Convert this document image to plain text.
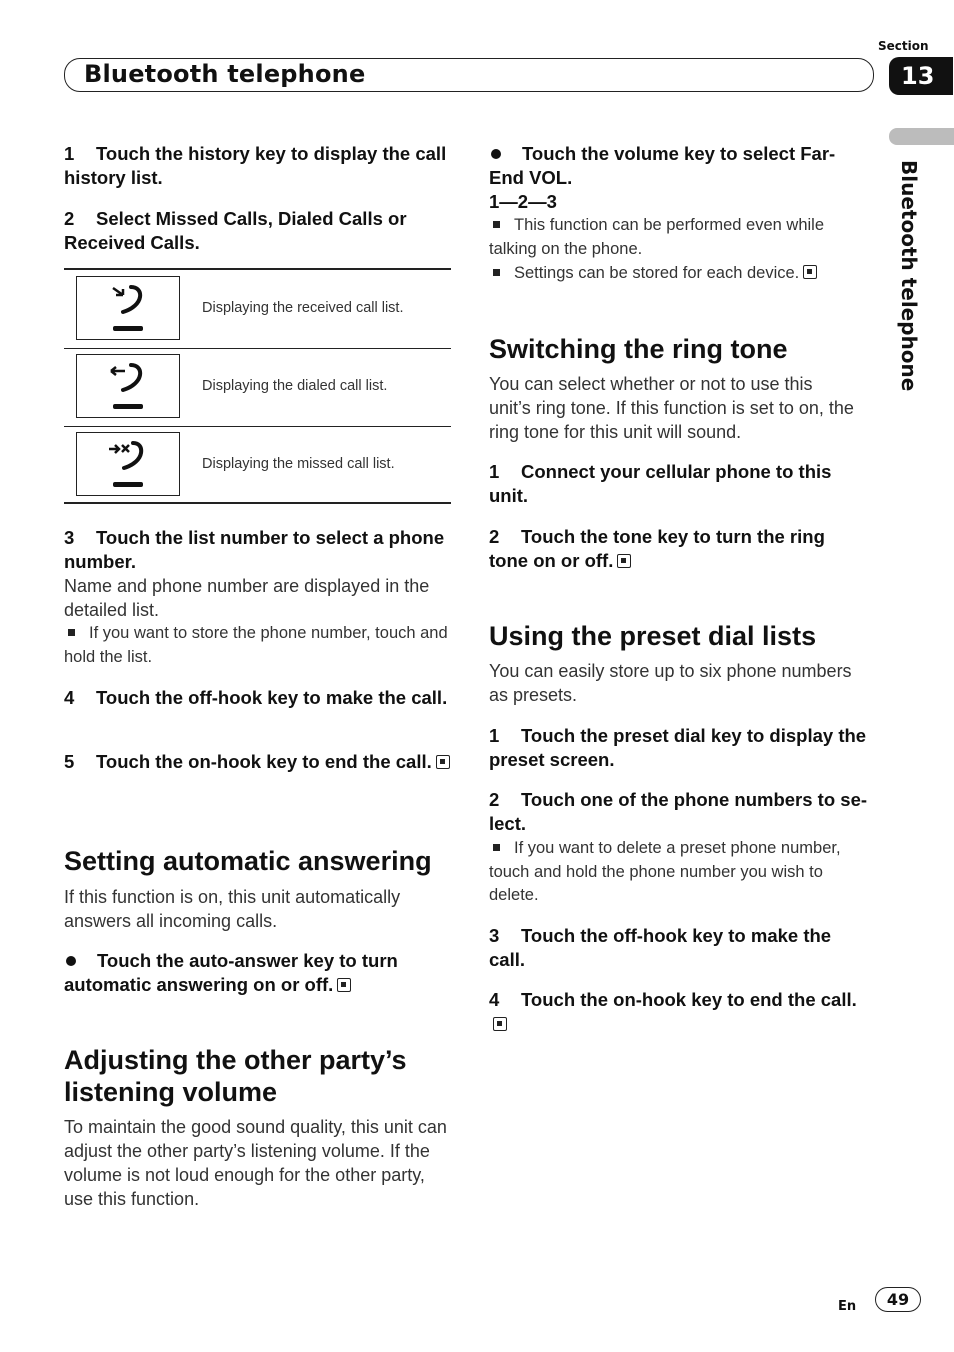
Bluetooth telephone
Section
13
Bluetooth telephone
1 Touch the history key to display the call history list.
2 Select Missed Calls, Dialed Calls or Received Calls.
Displaying the received call list.
Displaying the dialed call list.
Displaying the missed call list.
3 Touch the list number to select a phone number.
Name and phone number are displayed in the detailed list.
If you want to store the phone number, touch and hold the list.
4 Touch the off-hook key to make the call.
5 Touch the on-hook key to end the call.
Setting automatic answering
If this function is on, this unit automatically answers all incoming calls.
Touch the auto-answer key to turn automatic answering on or off.
Adjusting the other party’s listening volume
To maintain the good sound quality, this unit can adjust the other party’s listening volume. If the volume is not loud enough for the other party, use this function.
Touch the volume key to select Far-End VOL.
1—2—3
This function can be performed even while talking on the phone.
Settings can be stored for each device.
Switching the ring tone
You can select whether or not to use this unit’s ring tone. If this function is set to on, the ring tone for this unit will sound.
1 Connect your cellular phone to this unit.
2 Touch the tone key to turn the ring tone on or off.
Using the preset dial lists
You can easily store up to six phone numbers as presets.
1 Touch the preset dial key to display the preset screen.
2 Touch one of the phone numbers to se-lect.
If you want to delete a preset phone number, touch and hold the phone number you wish to delete.
3 Touch the off-hook key to make the call.
4 Touch the on-hook key to end the call.
En	49
